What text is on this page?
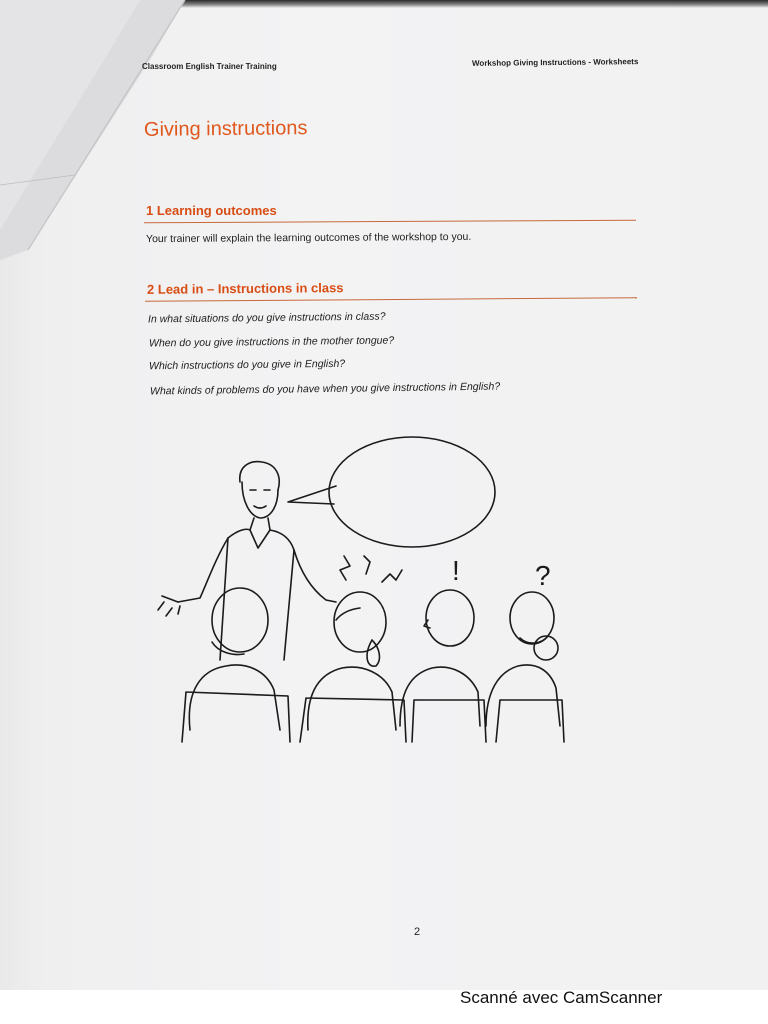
Classroom English Trainer Training	Workshop Giving Instructions - Worksheets
Giving instructions
1 Learning outcomes
Your trainer will explain the learning outcomes of the workshop to you.
2 Lead in – Instructions in class
In what situations do you give instructions in class?
When do you give instructions in the mother tongue?
Which instructions do you give in English?
What kinds of problems do you have when you give instructions in English?
2
!	?
Scanné avec CamScanner
